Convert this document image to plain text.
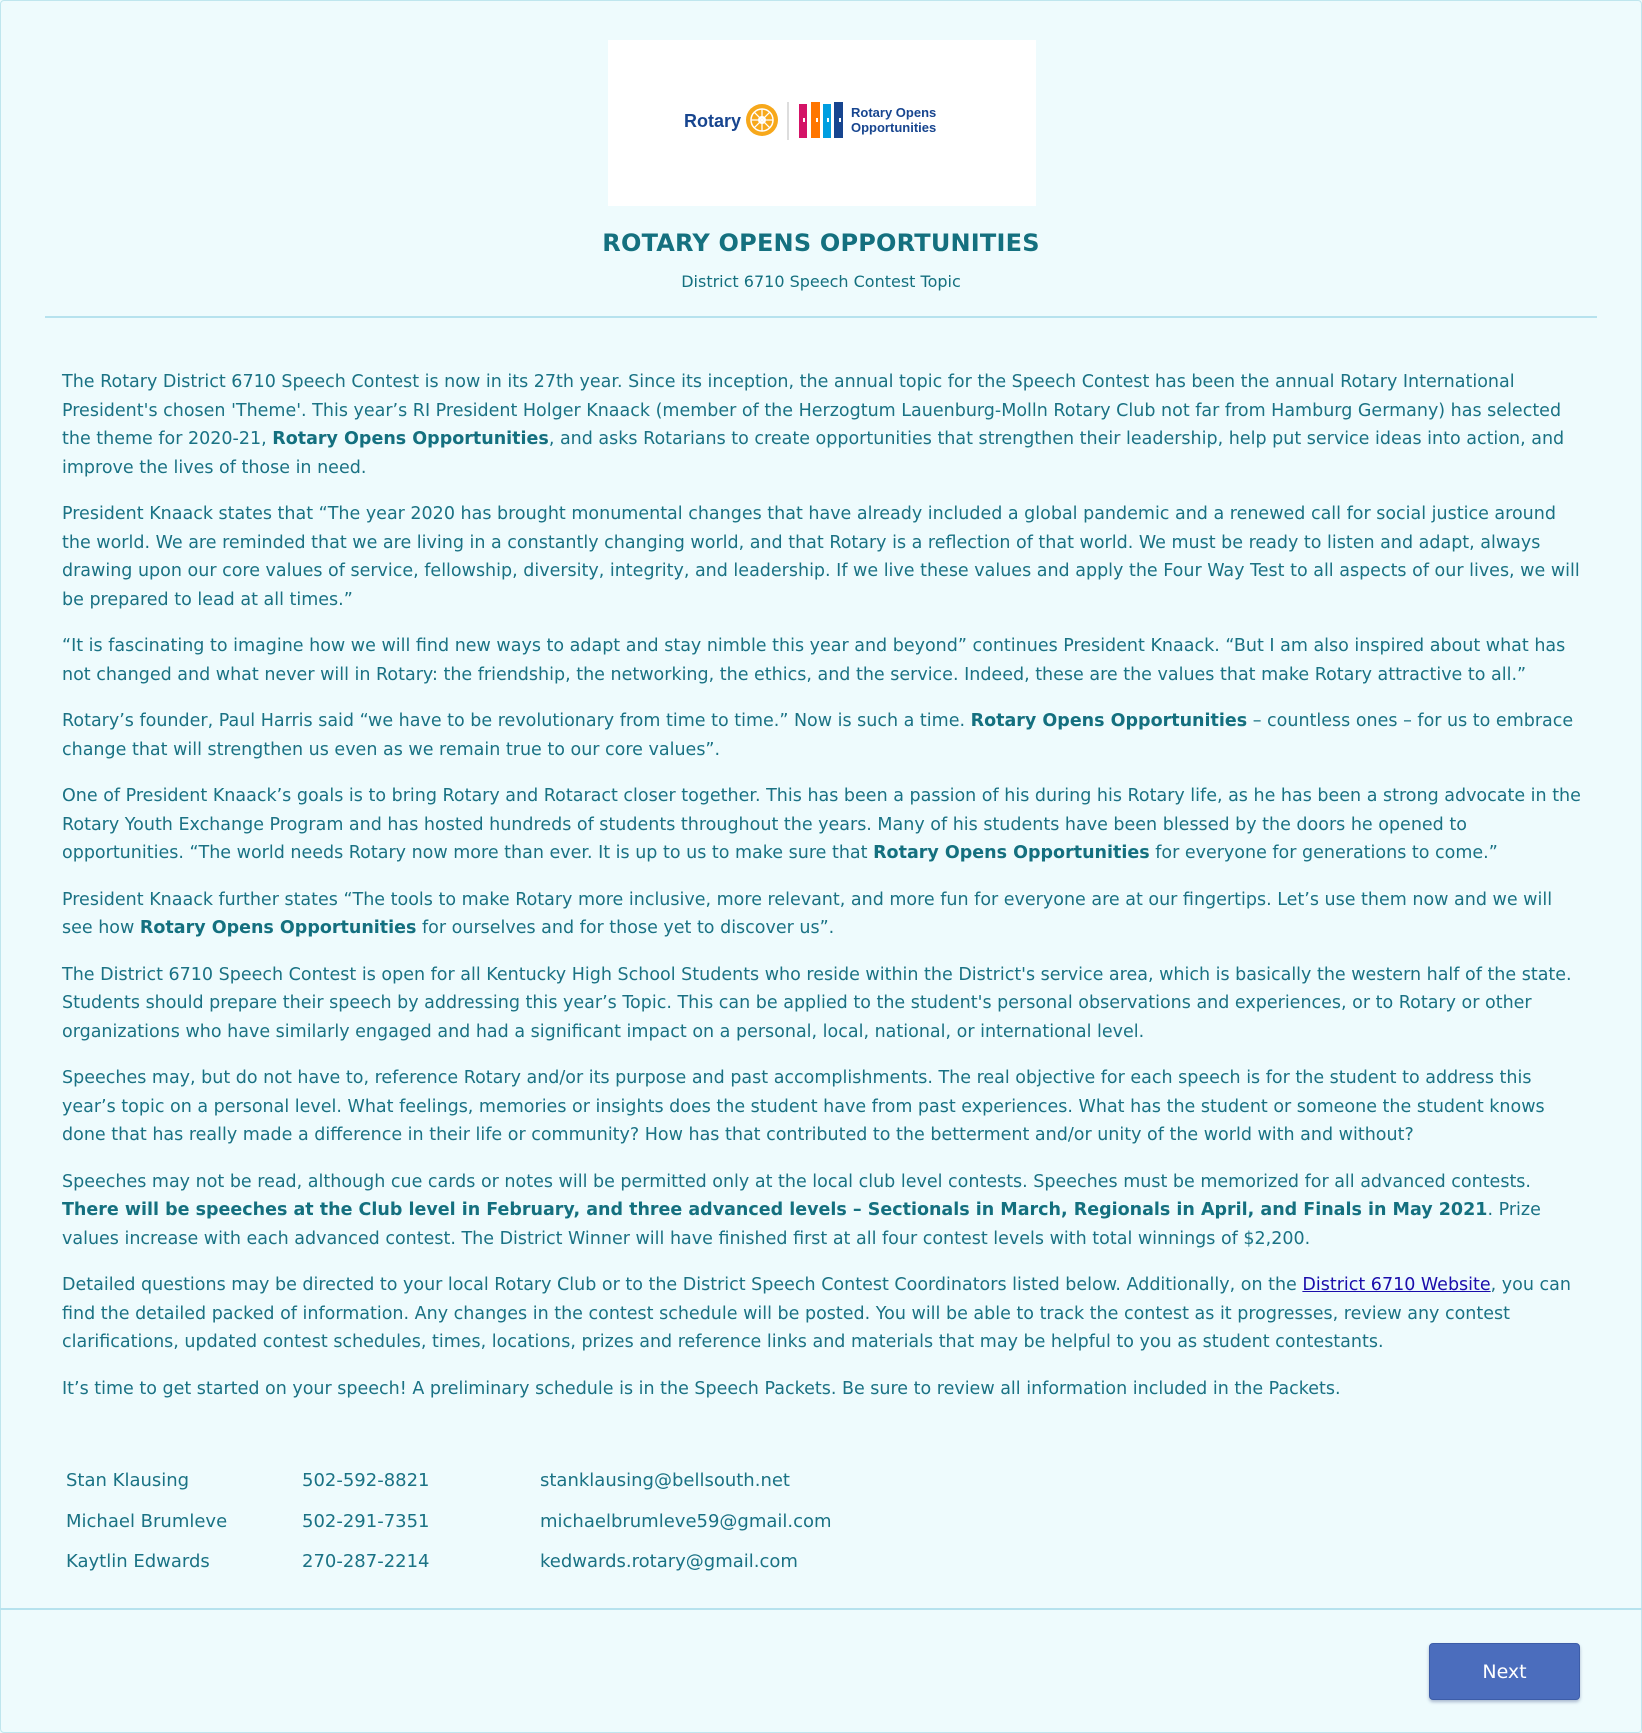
Rotary	Rotary Opens
Opportunities
ROTARY OPENS OPPORTUNITIES
District 6710 Speech Contest Topic

The Rotary District 6710 Speech Contest is now in its 27th year. Since its inception, the annual topic for the Speech Contest has been the annual Rotary International President's chosen 'Theme'. This year’s RI President Holger Knaack (member of the Herzogtum Lauenburg-Molln Rotary Club not far from Hamburg Germany) has selected the theme for 2020-21, Rotary Opens Opportunities, and asks Rotarians to create opportunities that strengthen their leadership, help put service ideas into action, and improve the lives of those in need.

President Knaack states that “The year 2020 has brought monumental changes that have already included a global pandemic and a renewed call for social justice around the world. We are reminded that we are living in a constantly changing world, and that Rotary is a reflection of that world. We must be ready to listen and adapt, always drawing upon our core values of service, fellowship, diversity, integrity, and leadership. If we live these values and apply the Four Way Test to all aspects of our lives, we will be prepared to lead at all times.”

“It is fascinating to imagine how we will find new ways to adapt and stay nimble this year and beyond” continues President Knaack. “But I am also inspired about what has not changed and what never will in Rotary: the friendship, the networking, the ethics, and the service. Indeed, these are the values that make Rotary attractive to all.”

Rotary’s founder, Paul Harris said “we have to be revolutionary from time to time.” Now is such a time. Rotary Opens Opportunities – countless ones – for us to embrace change that will strengthen us even as we remain true to our core values”.

One of President Knaack’s goals is to bring Rotary and Rotaract closer together. This has been a passion of his during his Rotary life, as he has been a strong advocate in the Rotary Youth Exchange Program and has hosted hundreds of students throughout the years. Many of his students have been blessed by the doors he opened to opportunities. “The world needs Rotary now more than ever. It is up to us to make sure that Rotary Opens Opportunities for everyone for generations to come.”

President Knaack further states “The tools to make Rotary more inclusive, more relevant, and more fun for everyone are at our fingertips. Let’s use them now and we will see how Rotary Opens Opportunities for ourselves and for those yet to discover us”.

The District 6710 Speech Contest is open for all Kentucky High School Students who reside within the District's service area, which is basically the western half of the state. Students should prepare their speech by addressing this year’s Topic. This can be applied to the student's personal observations and experiences, or to Rotary or other organizations who have similarly engaged and had a significant impact on a personal, local, national, or international level.

Speeches may, but do not have to, reference Rotary and/or its purpose and past accomplishments. The real objective for each speech is for the student to address this year’s topic on a personal level. What feelings, memories or insights does the student have from past experiences. What has the student or someone the student knows done that has really made a difference in their life or community? How has that contributed to the betterment and/or unity of the world with and without?

Speeches may not be read, although cue cards or notes will be permitted only at the local club level contests. Speeches must be memorized for all advanced contests. There will be speeches at the Club level in February, and three advanced levels – Sectionals in March, Regionals in April, and Finals in May 2021. Prize values increase with each advanced contest. The District Winner will have finished first at all four contest levels with total winnings of $2,200.

Detailed questions may be directed to your local Rotary Club or to the District Speech Contest Coordinators listed below. Additionally, on the District 6710 Website, you can find the detailed packed of information. Any changes in the contest schedule will be posted. You will be able to track the contest as it progresses, review any contest clarifications, updated contest schedules, times, locations, prizes and reference links and materials that may be helpful to you as student contestants.

It’s time to get started on your speech! A preliminary schedule is in the Speech Packets. Be sure to review all information included in the Packets.

Stan Klausing	502-592-8821	stanklausing@bellsouth.net
Michael Brumleve	502-291-7351	michaelbrumleve59@gmail.com
Kaytlin Edwards	270-287-2214	kedwards.rotary@gmail.com
Next
